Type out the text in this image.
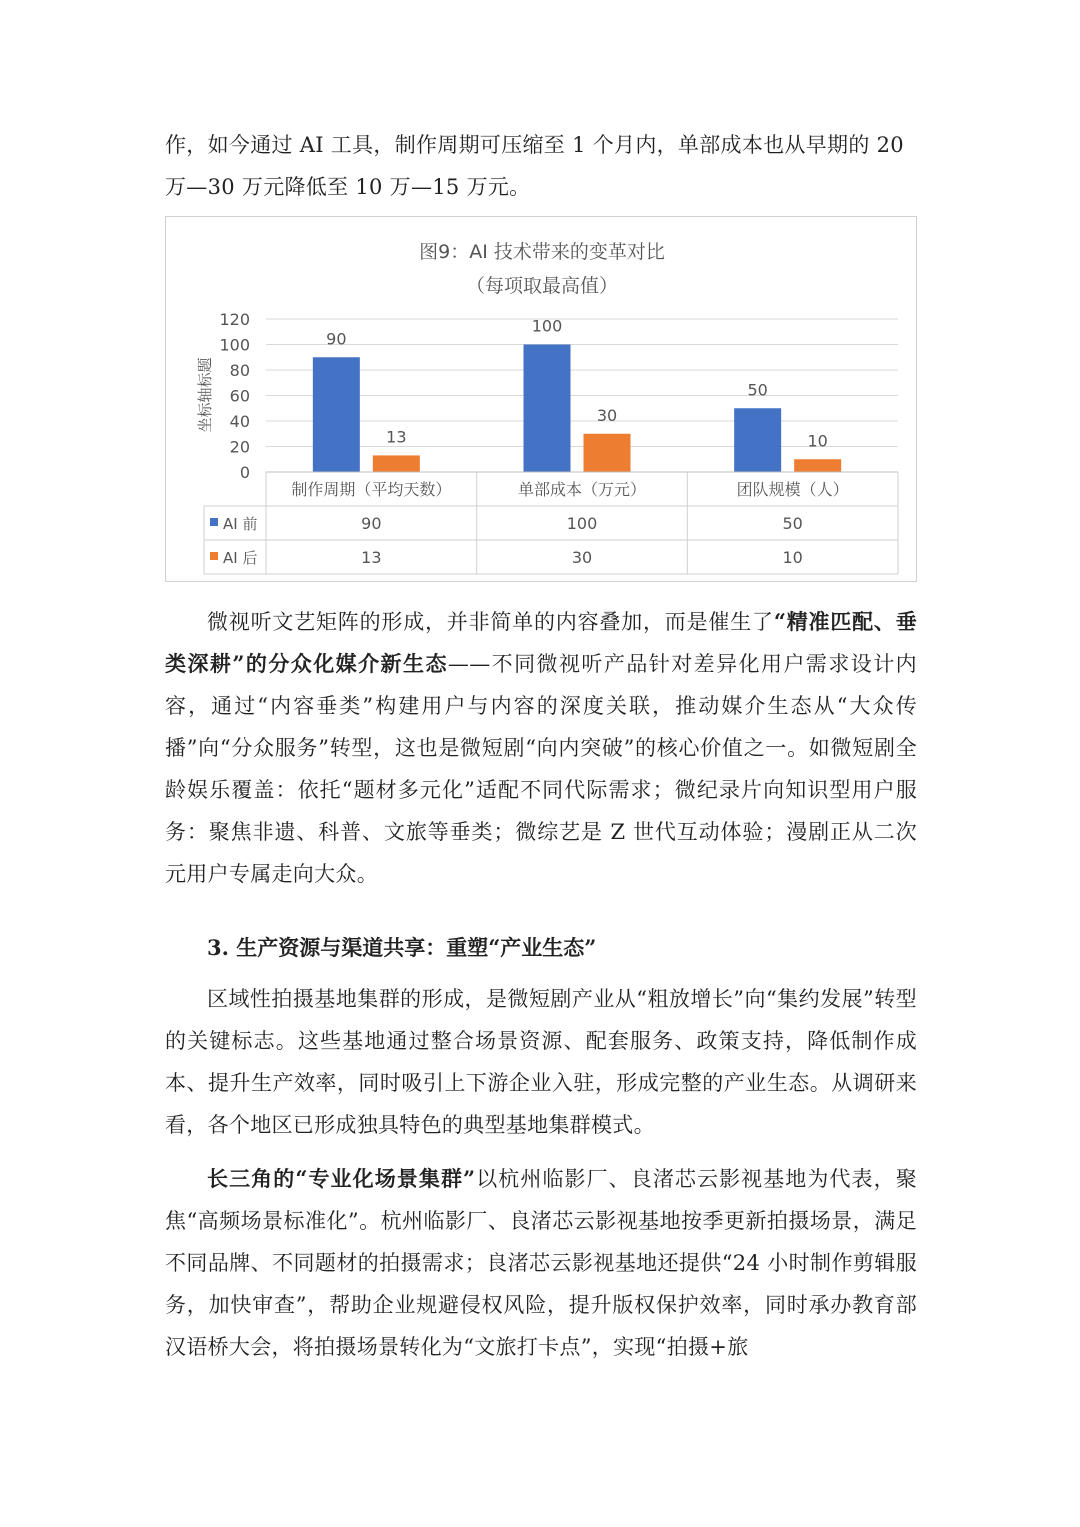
作，如今通过 AI 工具，制作周期可压缩至 1 个月内，单部成本也从早期的 20
万—30 万元降低至 10 万—15 万元。

图9：AI 技术带来的变革对比
（每项取最高值）
0
20
40
60
80
100
120
坐标轴标题
90
100
50
13
30
10
制作周期（平均天数）	单部成本（万元）	团队规模（人）
AI 前	90	100	50
AI 后	13	30	10

微视听文艺矩阵的形成，并非简单的内容叠加，而是催生了“精准匹配、垂类深耕”的分众化媒介新生态——不同微视听产品针对差异化用户需求设计内容，通过“内容垂类”构建用户与内容的深度关联，推动媒介生态从“大众传播”向“分众服务”转型，这也是微短剧“向内突破”的核心价值之一。如微短剧全龄娱乐覆盖：依托“题材多元化”适配不同代际需求；微纪录片向知识型用户服务：聚焦非遗、科普、文旅等垂类；微综艺是 Z 世代互动体验；漫剧正从二次元用户专属走向大众。

3. 生产资源与渠道共享：重塑“产业生态”

区域性拍摄基地集群的形成，是微短剧产业从“粗放增长”向“集约发展”转型的关键标志。这些基地通过整合场景资源、配套服务、政策支持，降低制作成本、提升生产效率，同时吸引上下游企业入驻，形成完整的产业生态。从调研来看，各个地区已形成独具特色的典型基地集群模式。

长三角的“专业化场景集群”以杭州临影厂、良渚芯云影视基地为代表，聚焦“高频场景标准化”。杭州临影厂、良渚芯云影视基地按季更新拍摄场景，满足不同品牌、不同题材的拍摄需求；良渚芯云影视基地还提供“24 小时制作剪辑服务，加快审查”，帮助企业规避侵权风险，提升版权保护效率，同时承办教育部汉语桥大会，将拍摄场景转化为“文旅打卡点”，实现“拍摄+旅
